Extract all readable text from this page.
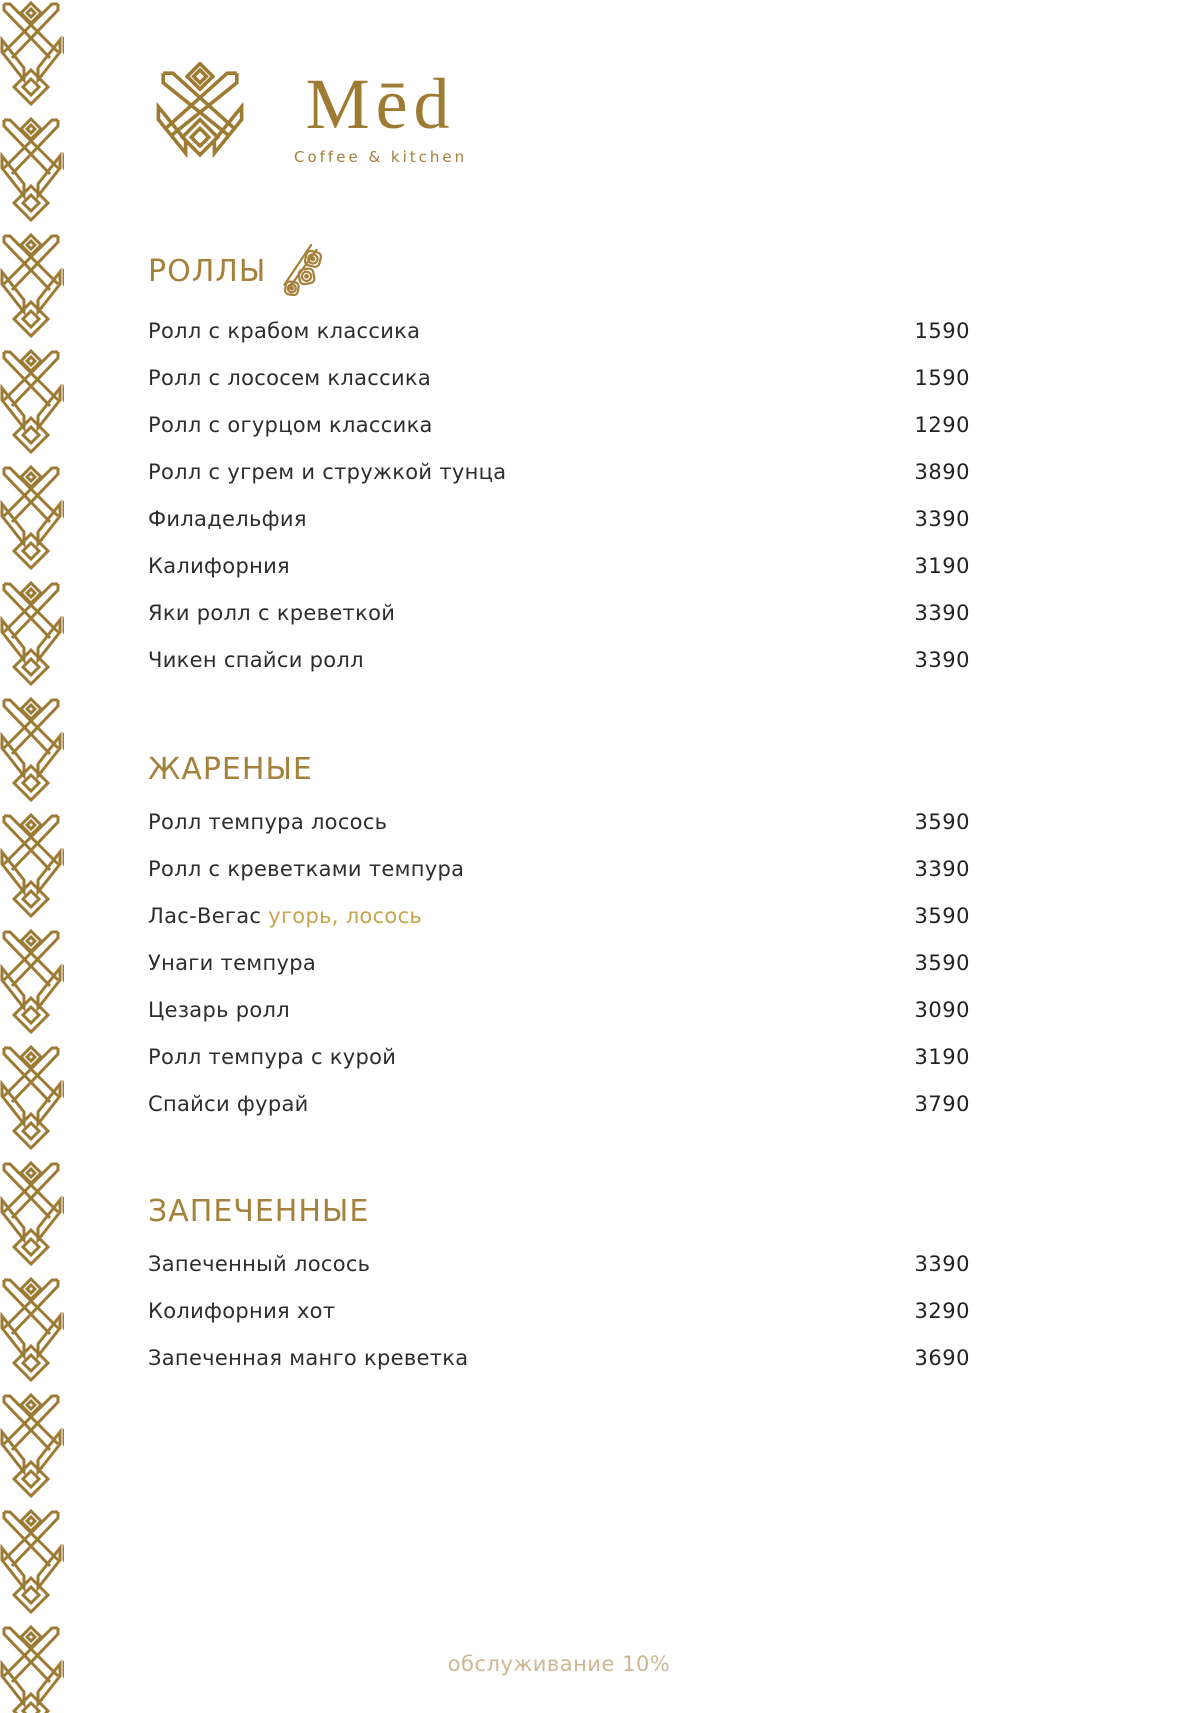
Mēd
Coffee & kitchen
РОЛЛЫ
Ролл с крабом классика	1590
Ролл с лососем классика	1590
Ролл с огурцом классика	1290
Ролл с угрем и стружкой тунца	3890
Филадельфия	3390
Калифорния	3190
Яки ролл с креветкой	3390
Чикен спайси ролл	3390
ЖАРЕНЫЕ
Ролл темпура лосось	3590
Ролл с креветками темпура	3390
Лас-Вегас угорь, лосось	3590
Унаги темпура	3590
Цезарь ролл	3090
Ролл темпура с курой	3190
Спайси фурай	3790
ЗАПЕЧЕННЫЕ
Запеченный лосось	3390
Колифорния хот	3290
Запеченная манго креветка	3690
обслуживание 10%
